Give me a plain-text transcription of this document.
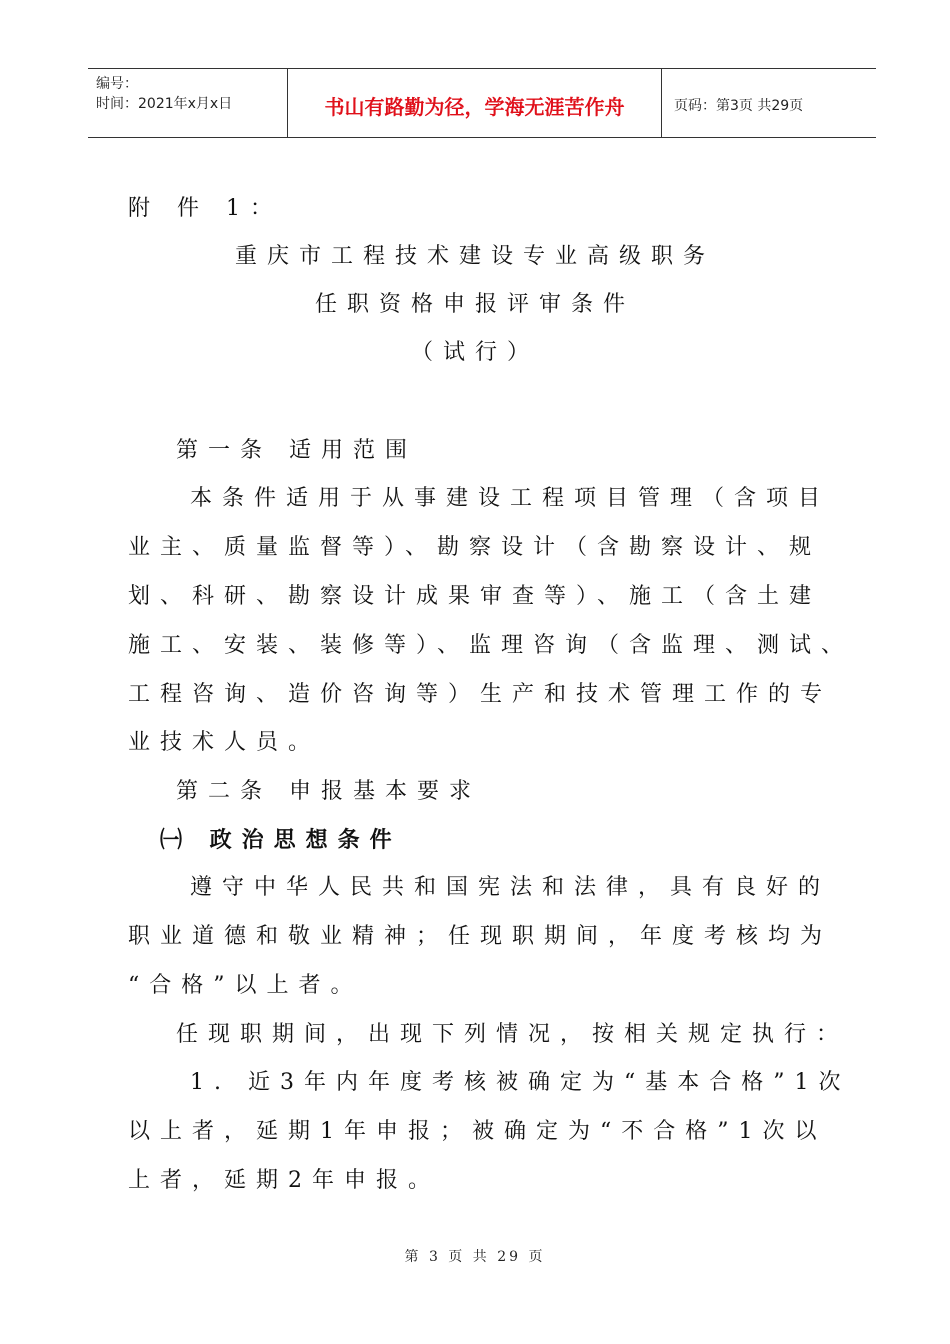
编号：
时间：2021年x月x日	书山有路勤为径，学海无涯苦作舟	页码：第3页 共29页
附 件 1：
重庆市工程技术建设专业高级职务
任职资格申报评审条件
（试行）
第一条 适用范围
本条件适用于从事建设工程项目管理（含项目
业主、质量监督等）、勘察设计（含勘察设计、规
划、科研、勘察设计成果审查等）、施工（含土建
施工、安装、装修等）、监理咨询（含监理、测试、
工程咨询、造价咨询等）生产和技术管理工作的专
业技术人员。
第二条 申报基本要求
㈠ 政治思想条件
遵守中华人民共和国宪法和法律，具有良好的
职业道德和敬业精神；任现职期间，年度考核均为
“合格”以上者。
任现职期间，出现下列情况，按相关规定执行：
1. 近3年内年度考核被确定为“基本合格”1次
以上者，延期1年申报；被确定为“不合格”1次以
上者，延期2年申报。
第 3 页 共 29 页
